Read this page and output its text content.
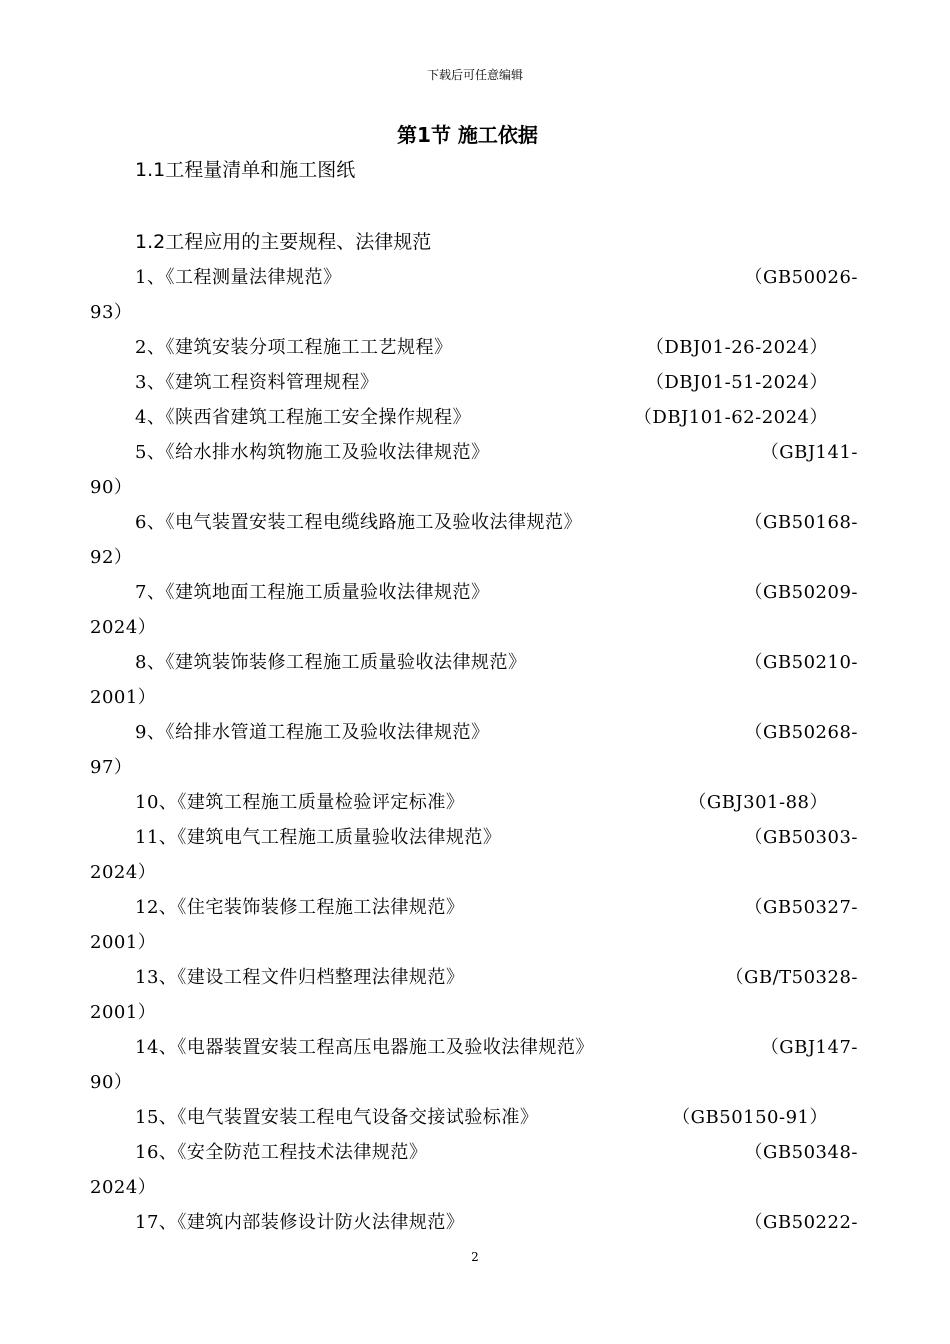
下载后可任意编辑
第1节 施工依据
1.1工程量清单和施工图纸
1.2工程应用的主要规程、法律规范
1、《工程测量法律规范》	（GB50026-
93）
2、《建筑安装分项工程施工工艺规程》	（DBJ01-26-2024）
3、《建筑工程资料管理规程》	（DBJ01-51-2024）
4、《陕西省建筑工程施工安全操作规程》	（DBJ101-62-2024）
5、《给水排水构筑物施工及验收法律规范》	（GBJ141-
90）
6、《电气装置安装工程电缆线路施工及验收法律规范》	（GB50168-
92）
7、《建筑地面工程施工质量验收法律规范》	（GB50209-
2024）
8、《建筑装饰装修工程施工质量验收法律规范》	（GB50210-
2001）
9、《给排水管道工程施工及验收法律规范》	（GB50268-
97）
10、《建筑工程施工质量检验评定标准》	（GBJ301-88）
11、《建筑电气工程施工质量验收法律规范》	（GB50303-
2024）
12、《住宅装饰装修工程施工法律规范》	（GB50327-
2001）
13、《建设工程文件归档整理法律规范》	（GB/T50328-
2001）
14、《电器装置安装工程高压电器施工及验收法律规范》	（GBJ147-
90）
15、《电气装置安装工程电气设备交接试验标准》	（GB50150-91）
16、《安全防范工程技术法律规范》	（GB50348-
2024）
17、《建筑内部装修设计防火法律规范》	（GB50222-
2
